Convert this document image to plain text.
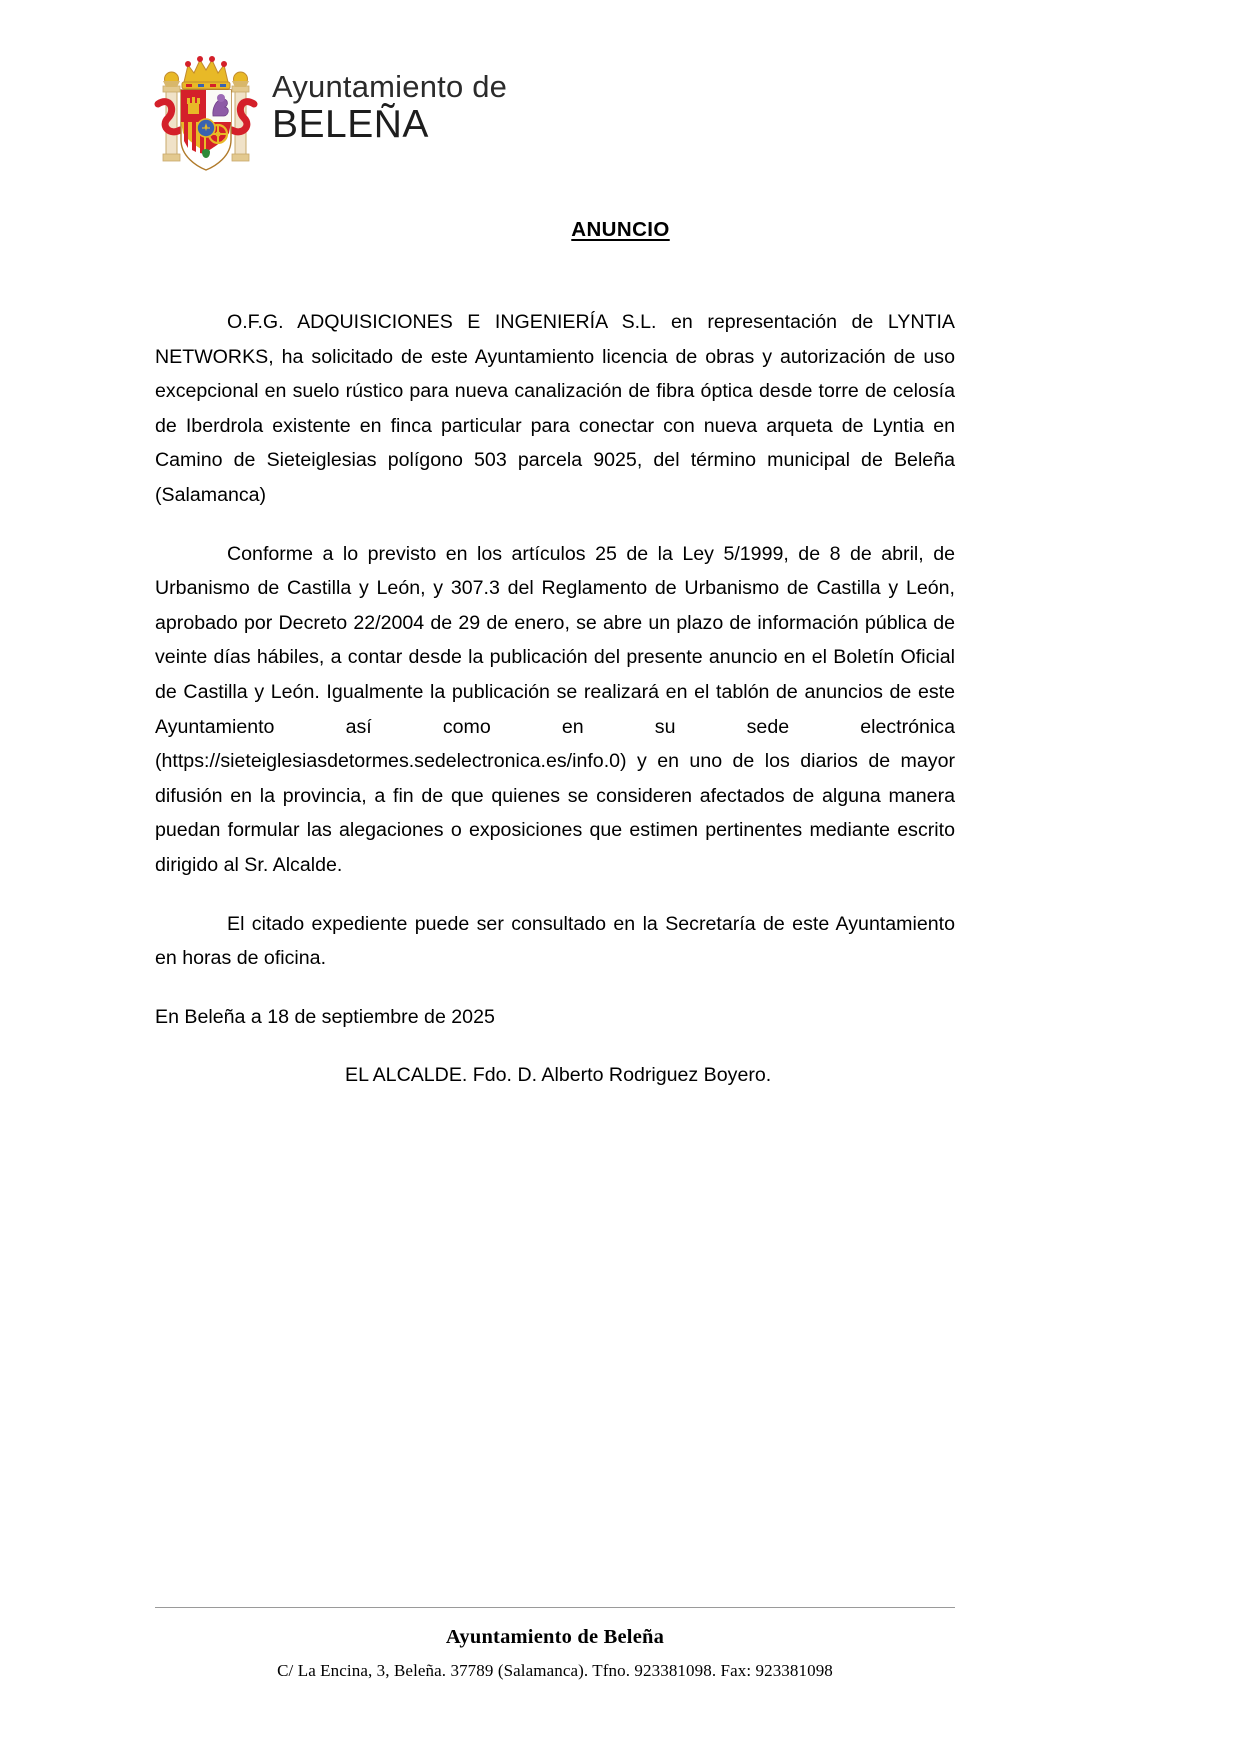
Ayuntamiento de
BELEÑA
ANUNCIO

O.F.G. ADQUISICIONES E INGENIERÍA S.L. en representación de LYNTIA NETWORKS, ha solicitado de este Ayuntamiento licencia de obras y autorización de uso excepcional en suelo rústico para nueva canalización de fibra óptica desde torre de celosía de Iberdrola existente en finca particular para conectar con nueva arqueta de Lyntia en Camino de Sieteiglesias polígono 503 parcela 9025, del término municipal de Beleña (Salamanca)

Conforme a lo previsto en los artículos 25 de la Ley 5/1999, de 8 de abril, de Urbanismo de Castilla y León, y 307.3 del Reglamento de Urbanismo de Castilla y León, aprobado por Decreto 22/2004 de 29 de enero, se abre un plazo de información pública de veinte días hábiles, a contar desde la publicación del presente anuncio en el Boletín Oficial de Castilla y León. Igualmente la publicación se realizará en el tablón de anuncios de este Ayuntamiento así como en su sede electrónica (https://sieteiglesiasdetormes.sedelectronica.es/info.0) y en uno de los diarios de mayor difusión en la provincia, a fin de que quienes se consideren afectados de alguna manera puedan formular las alegaciones o exposiciones que estimen pertinentes mediante escrito dirigido al Sr. Alcalde.

El citado expediente puede ser consultado en la Secretaría de este Ayuntamiento en horas de oficina.

En Beleña a 18 de septiembre de 2025

EL ALCALDE. Fdo. D. Alberto Rodriguez Boyero.

Ayuntamiento de Beleña

C/ La Encina, 3, Beleña. 37789 (Salamanca). Tfno. 923381098. Fax: 923381098
